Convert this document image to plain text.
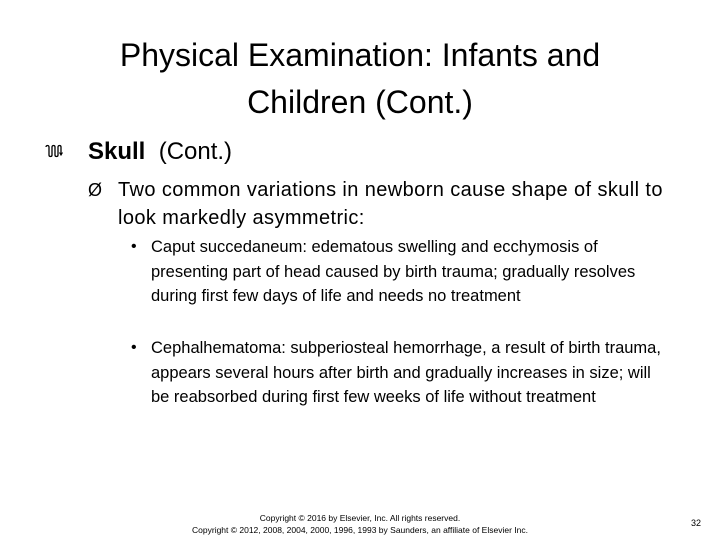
Physical Examination: Infants and
Children (Cont.)
Skull (Cont.)
Ø Two common variations in newborn cause shape of skull to look markedly asymmetric:
• Caput succedaneum: edematous swelling and ecchymosis of presenting part of head caused by birth trauma; gradually resolves during first few days of life and needs no treatment
• Cephalhematoma: subperiosteal hemorrhage, a result of birth trauma, appears several hours after birth and gradually increases in size; will be reabsorbed during first few weeks of life without treatment
Copyright © 2016 by Elsevier, Inc. All rights reserved.
Copyright © 2012, 2008, 2004, 2000, 1996, 1993 by Saunders, an affiliate of Elsevier Inc.
32
